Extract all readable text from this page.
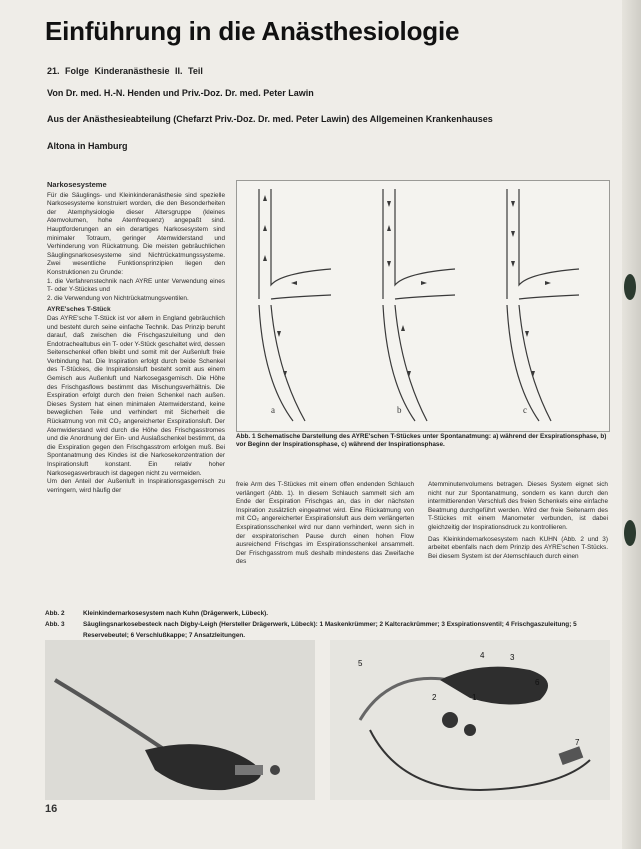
Einführung in die Anästhesiologie
21. Folge Kinderanästhesie II. Teil
Von Dr. med. H.-N. Henden und Priv.-Doz. Dr. med. Peter Lawin
Aus der Anästhesieabteilung (Chefarzt Priv.-Doz. Dr. med. Peter Lawin) des Allgemeinen Krankenhauses
Altona in Hamburg
Narkosesysteme

Für die Säuglings- und Kleinkinderanästhesie sind spezielle Narkosesysteme konstruiert worden, die den Besonderheiten der Atemphysiologie dieser Altersgruppe (kleines Atemvolumen, hohe Atemfrequenz) angepaßt sind. Hauptforderungen an ein derartiges Narkosesystem sind minimaler Totraum, geringer Atemwiderstand und Verhinderung von Rückatmung. Die meisten gebräuchlichen Säuglingsnarkosesysteme sind Nichtrückatmungssysteme. Zwei wesentliche Funktionsprinzipien liegen den Konstruktionen zu Grunde:

1. die Verfahrenstechnik nach AYRE unter Verwendung eines T- oder Y-Stückes und

2. die Verwendung von Nichtrückatmungsventilen.

AYRE'sches T-Stück

Das AYRE'sche T-Stück ist vor allem in England gebräuchlich und besteht durch seine einfache Technik. Das Prinzip beruht darauf, daß zwischen die Frischgaszuleitung und den Endotrachealtubus ein T- oder Y-Stück geschaltet wird, dessen Seitenschenkel offen bleibt und somit mit der Außenluft freie Verbindung hat. Die Inspiration erfolgt durch beide Schenkel des T-Stückes, die Inspirationsluft besteht somit aus einem Gemisch aus Außenluft und Narkosegasgemisch. Die Höhe des Frischgasflows bestimmt das Mischungsverhältnis. Die Exspiration erfolgt durch den freien Schenkel nach außen. Dieses System hat einen minimalen Atemwiderstand, keine beweglichen Teile und verhindert mit Sicherheit die Rückatmung von mit CO₂ angereicherter Exspirationsluft. Der Atemwiderstand wird durch die Höhe des Frischgasstromes und die Anordnung der Ein- und Auslaßschenkel bestimmt, da die Exspiration gegen den Frischgasstrom erfolgen muß. Bei Spontanatmung des Kindes ist die Narkosekonzentration der Inspirationsluft konstant. Ein relativ hoher Narkosegasverbrauch ist dagegen nicht zu vermeiden.

Um den Anteil der Außenluft in Inspirationsgasgemisch zu verringern, wird häufig der

a	b	c
Abb. 1 Schematische Darstellung des AYRE'schen T-Stückes unter Spontanatmung: a) während der Exspirationsphase, b) vor Beginn der Inspirationsphase, c) während der Inspirationsphase.

freie Arm des T-Stückes mit einem offen endenden Schlauch verlängert (Abb. 1). In diesem Schlauch sammelt sich am Ende der Exspiration Frischgas an, das in der nächsten Inspiration zusätzlich eingeatmet wird. Eine Rückatmung von mit CO₂ angereicherter Exspirationsluft aus dem verlängerten Exspirationsschenkel wird nur dann verhindert, wenn sich in der exspiratorischen Pause durch einen hohen Flow ausreichend Frischgas im Exspirationsschenkel ansammelt. Der Frischgasstrom muß deshalb mindestens das Zweifache des

Atemminutenvolumens betragen. Dieses System eignet sich nicht nur zur Spontanatmung, sondern es kann durch den intermittierenden Verschluß des freien Schenkels eine einfache Beatmung durchgeführt werden. Wird der freie Seitenarm des T-Stückes mit einem Manometer verbunden, ist dabei gleichzeitig der Inspirationsdruck zu kontrollieren.

Das Kleinkindernarkosesystem nach KUHN (Abb. 2 und 3) arbeitet ebenfalls nach dem Prinzip des AYRE'schen T-Stücks. Bei diesem System ist der Atemschlauch durch einen

Abb. 2	Kleinkindernarkosesystem nach Kuhn (Drägerwerk, Lübeck).
Abb. 3	Säuglingsnarkosebesteck nach Digby-Leigh (Hersteller Drägerwerk, Lübeck): 1 Maskenkrümmer; 2 Kaltcrackrümmer; 3 Exspirationsventil; 4 Frischgaszuleitung; 5 Reservebeutel; 6 Verschlußkappe; 7 Ansatzleitungen.
5
4	3
2	1
6
7
16
